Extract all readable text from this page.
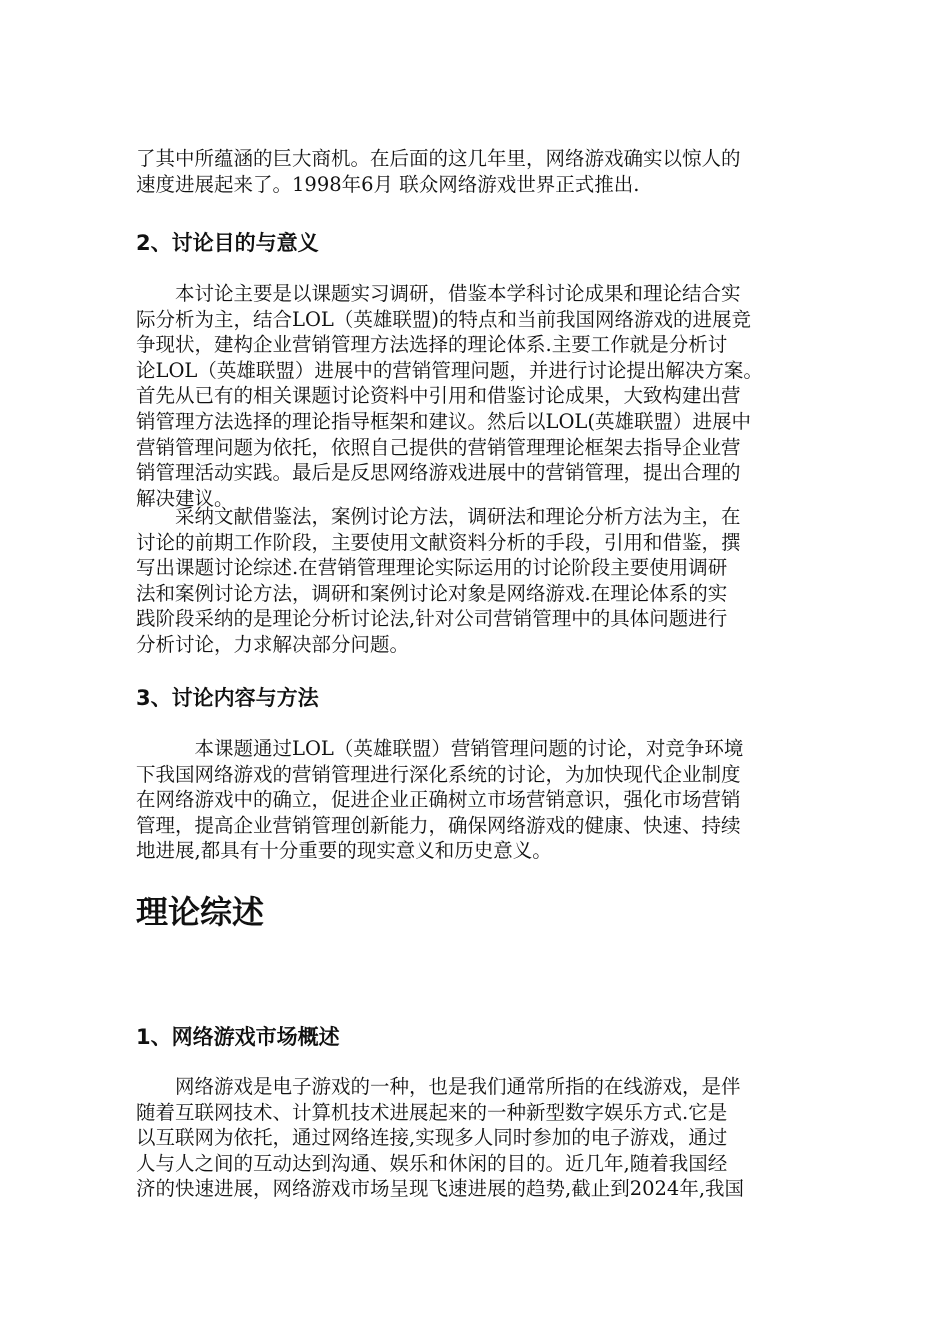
了其中所蕴涵的巨大商机。在后面的这几年里，网络游戏确实以惊人的
速度进展起来了。1998年6月 联众网络游戏世界正式推出.
2、讨论目的与意义
　　本讨论主要是以课题实习调研，借鉴本学科讨论成果和理论结合实
际分析为主，结合LOL（英雄联盟)的特点和当前我国网络游戏的进展竞
争现状，建构企业营销管理方法选择的理论体系.主要工作就是分析讨
论LOL（英雄联盟）进展中的营销管理问题，并进行讨论提出解决方案。
首先从已有的相关课题讨论资料中引用和借鉴讨论成果，大致构建出营
销管理方法选择的理论指导框架和建议。然后以LOL(英雄联盟）进展中
营销管理问题为依托，依照自己提供的营销管理理论框架去指导企业营
销管理活动实践。最后是反思网络游戏进展中的营销管理，提出合理的
解决建议。
　　采纳文献借鉴法，案例讨论方法，调研法和理论分析方法为主，在
讨论的前期工作阶段，主要使用文献资料分析的手段，引用和借鉴，撰
写出课题讨论综述.在营销管理理论实际运用的讨论阶段主要使用调研
法和案例讨论方法，调研和案例讨论对象是网络游戏.在理论体系的实
践阶段采纳的是理论分析讨论法,针对公司营销管理中的具体问题进行
分析讨论，力求解决部分问题。
3、讨论内容与方法
　　　本课题通过LOL（英雄联盟）营销管理问题的讨论，对竞争环境
下我国网络游戏的营销管理进行深化系统的讨论，为加快现代企业制度
在网络游戏中的确立，促进企业正确树立市场营销意识，强化市场营销
管理，提高企业营销管理创新能力，确保网络游戏的健康、快速、持续
地进展,都具有十分重要的现实意义和历史意义。
理论综述
1、网络游戏市场概述
　　网络游戏是电子游戏的一种，也是我们通常所指的在线游戏，是伴
随着互联网技术、计算机技术进展起来的一种新型数字娱乐方式.它是
以互联网为依托，通过网络连接,实现多人同时参加的电子游戏，通过
人与人之间的互动达到沟通、娱乐和休闲的目的。近几年,随着我国经
济的快速进展，网络游戏市场呈现飞速进展的趋势,截止到2024年,我国
